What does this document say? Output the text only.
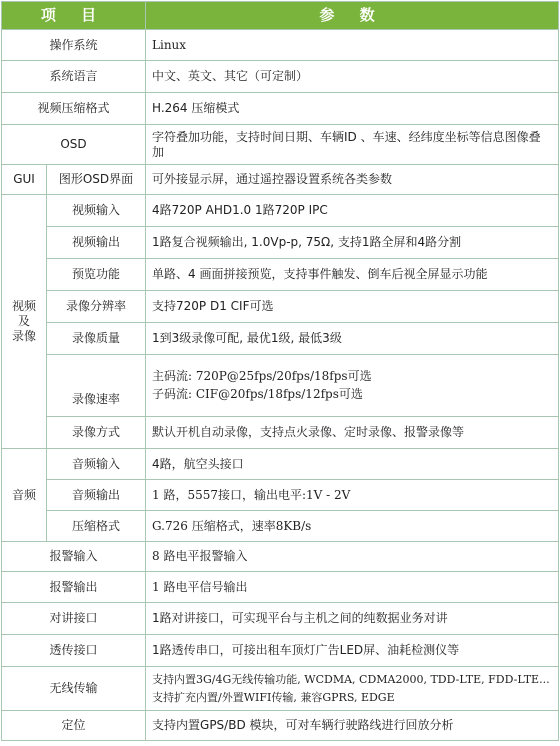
项 目		参 数
操作系统		Linux
系统语言		中文、英文、其它（可定制）
视频压缩格式		H.264 压缩模式
OSD		字符叠加功能，支持时间日期、车辆ID 、车速、经纬度坐标等信息图像叠加
GUI	图形OSD界面	可外接显示屏，通过遥控器设置系统各类参数

视频
及
录像	视频输入	4路720P AHD1.0 1路720P IPC
	视频输出	1路复合视频输出, 1.0Vp-p, 75Ω, 支持1路全屏和4路分割
	预览功能	单路、4 画面拼接预览，支持事件触发、倒车后视全屏显示功能
	录像分辨率	支持720P D1 CIF可选
	录像质量	1到3级录像可配, 最优1级, 最低3级
	录像速率	主码流: 720P@25fps/20fps/18fps可选
子码流: CIF@20fps/18fps/12fps可选

	录像方式	默认开机自动录像，支持点火录像、定时录像、报警录像等
音频	音频输入	4路，航空头接口
	音频输出	1 路，5557接口，输出电平:1V - 2V
	压缩格式	G.726 压缩格式，速率8KB/s
报警输入		8 路电平报警输入
报警输出		1 路电平信号输出
对讲接口		1路对讲接口，可实现平台与主机之间的纯数据业务对讲
透传接口		1路透传串口，可接出租车顶灯广告LED屏、油耗检测仪等
无线传输		支持内置3G/4G无线传输功能, WCDMA, CDMA2000, TDD-LTE, FDD-LTE...
支持扩充内置/外置WIFI传输, 兼容GPRS, EDGE

定位		支持内置GPS/BD 模块，可对车辆行驶路线进行回放分析
